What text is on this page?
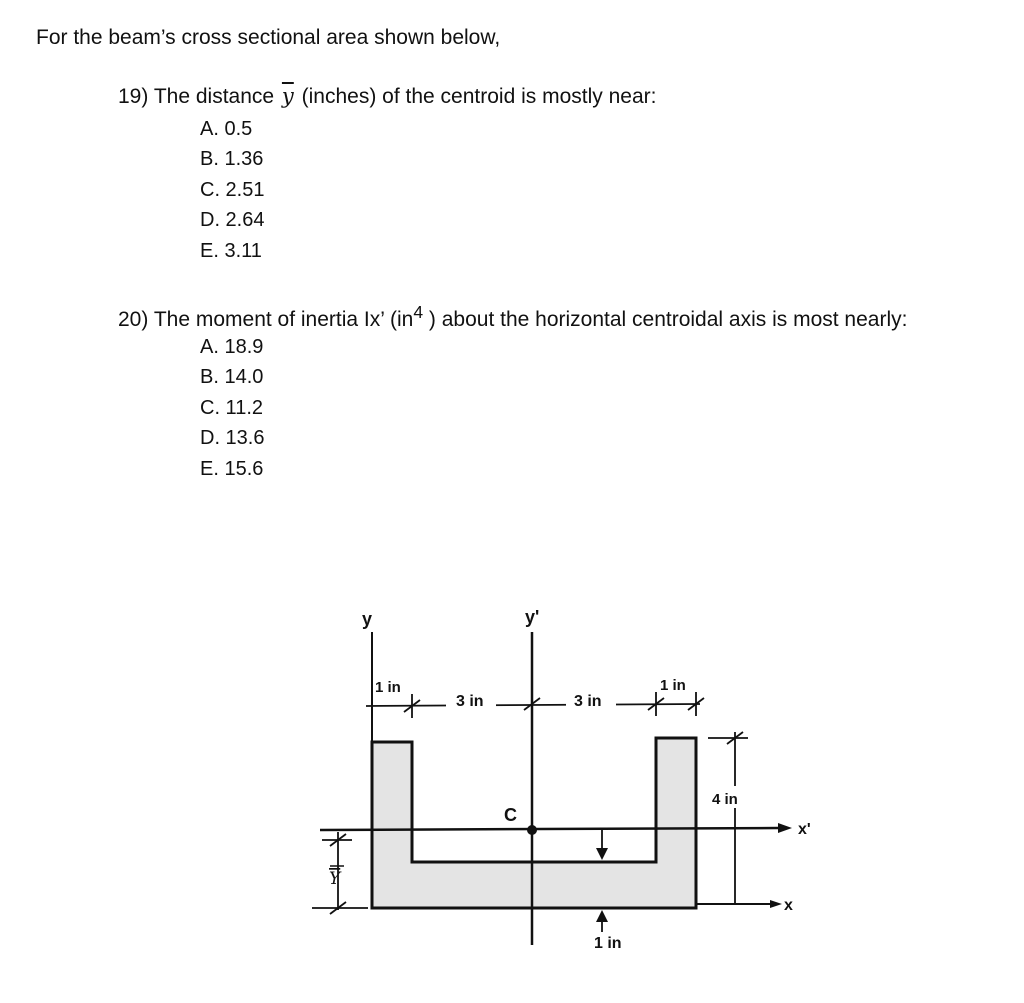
For the beam’s cross sectional area shown below,
19) The distance $\overline{y}$ (inches) of the centroid is mostly near:
A. 0.5
B. 1.36
C. 2.51
D. 2.64
E. 3.11
20) The moment of inertia Ix’ ($in^4$ ) about the horizontal centroidal axis is most nearly:
A. 18.9
B. 14.0
C. 11.2
D. 13.6
E. 15.6
y	y'
1 in
3 in	3 in
1 in
4 in
C
x'
x
1 in
Y
